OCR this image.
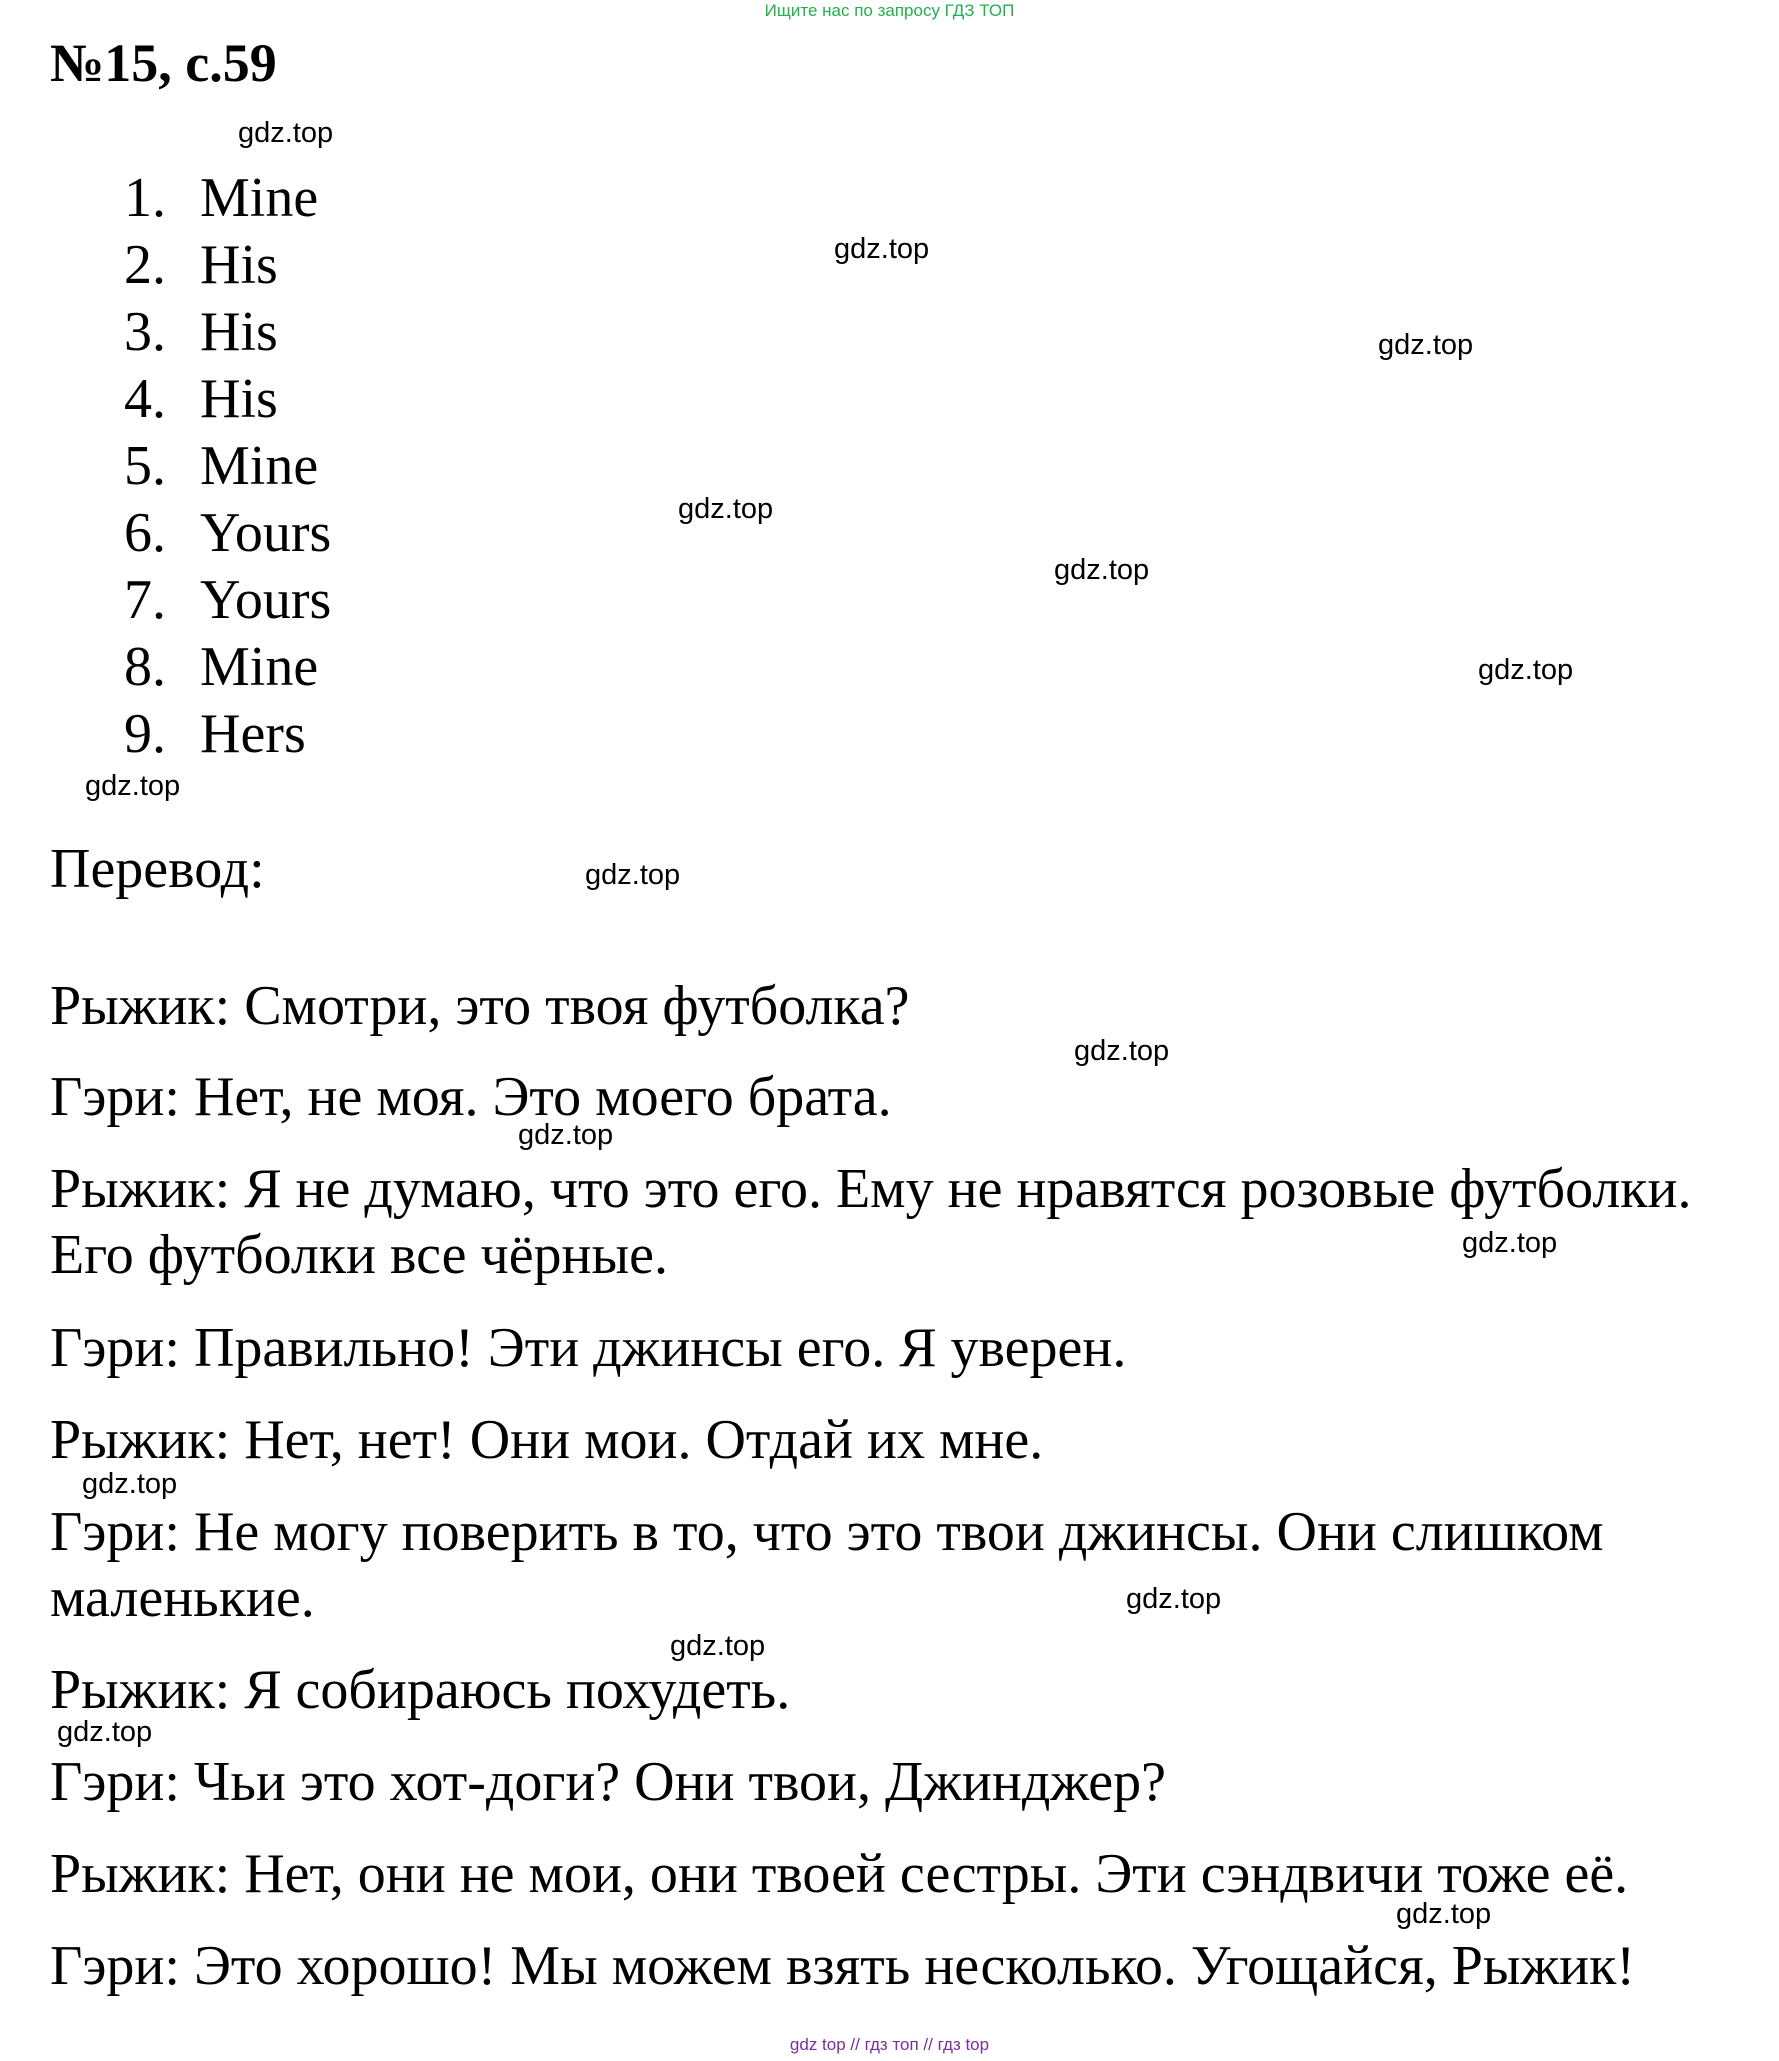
Ищите нас по запросу ГДЗ ТОП
№15, с.59
1. Mine
2. His
3. His
4. His
5. Mine
6. Yours
7. Yours
8. Mine
9. Hers
Перевод:
Рыжик: Смотри, это твоя футболка?
Гэри: Нет, не моя. Это моего брата.
Рыжик: Я не думаю, что это его. Ему не нравятся розовые футболки.
Его футболки все чёрные.
Гэри: Правильно! Эти джинсы его. Я уверен.
Рыжик: Нет, нет! Они мои. Отдай их мне.
Гэри: Не могу поверить в то, что это твои джинсы. Они слишком
маленькие.
Рыжик: Я собираюсь похудеть.
Гэри: Чьи это хот-доги? Они твои, Джинджер?
Рыжик: Нет, они не мои, они твоей сестры. Эти сэндвичи тоже её.
Гэри: Это хорошо! Мы можем взять несколько. Угощайся, Рыжик!
gdz.top
gdz.top
gdz.top
gdz.top
gdz.top
gdz.top
gdz.top
gdz.top
gdz.top
gdz.top
gdz.top
gdz.top
gdz.top
gdz.top
gdz.top
gdz.top
gdz top // гдз топ // гдз top
